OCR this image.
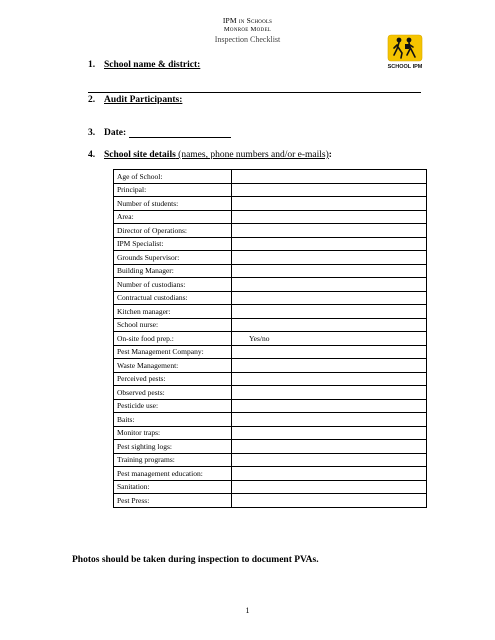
IPM in Schools
Monroe Model
Inspection Checklist
SCHOOL IPM
1. School name & district:
2. Audit Participants:
3. Date:
4. School site details (names, phone numbers and/or e-mails):
Age of School:	
Principal:	
Number of students:	
Area:	
Director of Operations:	
IPM Specialist:	
Grounds Supervisor:	
Building Manager:	
Number of custodians:	
Contractual custodians:	
Kitchen manager:	
School nurse:	
On-site food prep.:	Yes/no
Pest Management Company:	
Waste Management:	
Perceived pests:	
Observed pests:	
Pesticide use:	
Baits:	
Monitor traps:	
Pest sighting logs:	
Training programs:	
Pest management education:	
Sanitation:	
Pest Press:	
Photos should be taken during inspection to document PVAs.
1
